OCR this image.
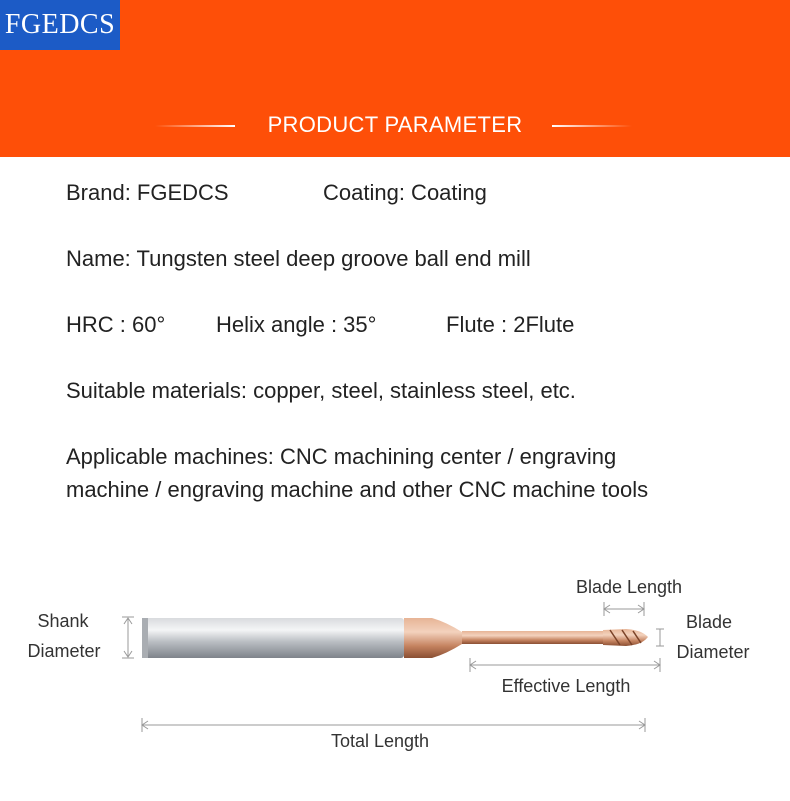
FGEDCS
PRODUCT PARAMETER
Brand: FGEDCS	Coating: Coating
Name: Tungsten steel deep groove ball end mill
HRC : 60° Helix angle : 35°	Flute : 2Flute
Suitable materials: copper, steel, stainless steel, etc.
Applicable machines: CNC machining center / engraving
machine / engraving machine and other CNC machine tools
Shank
Diameter
Blade Length
Blade
Diameter
Effective Length
Total Length
